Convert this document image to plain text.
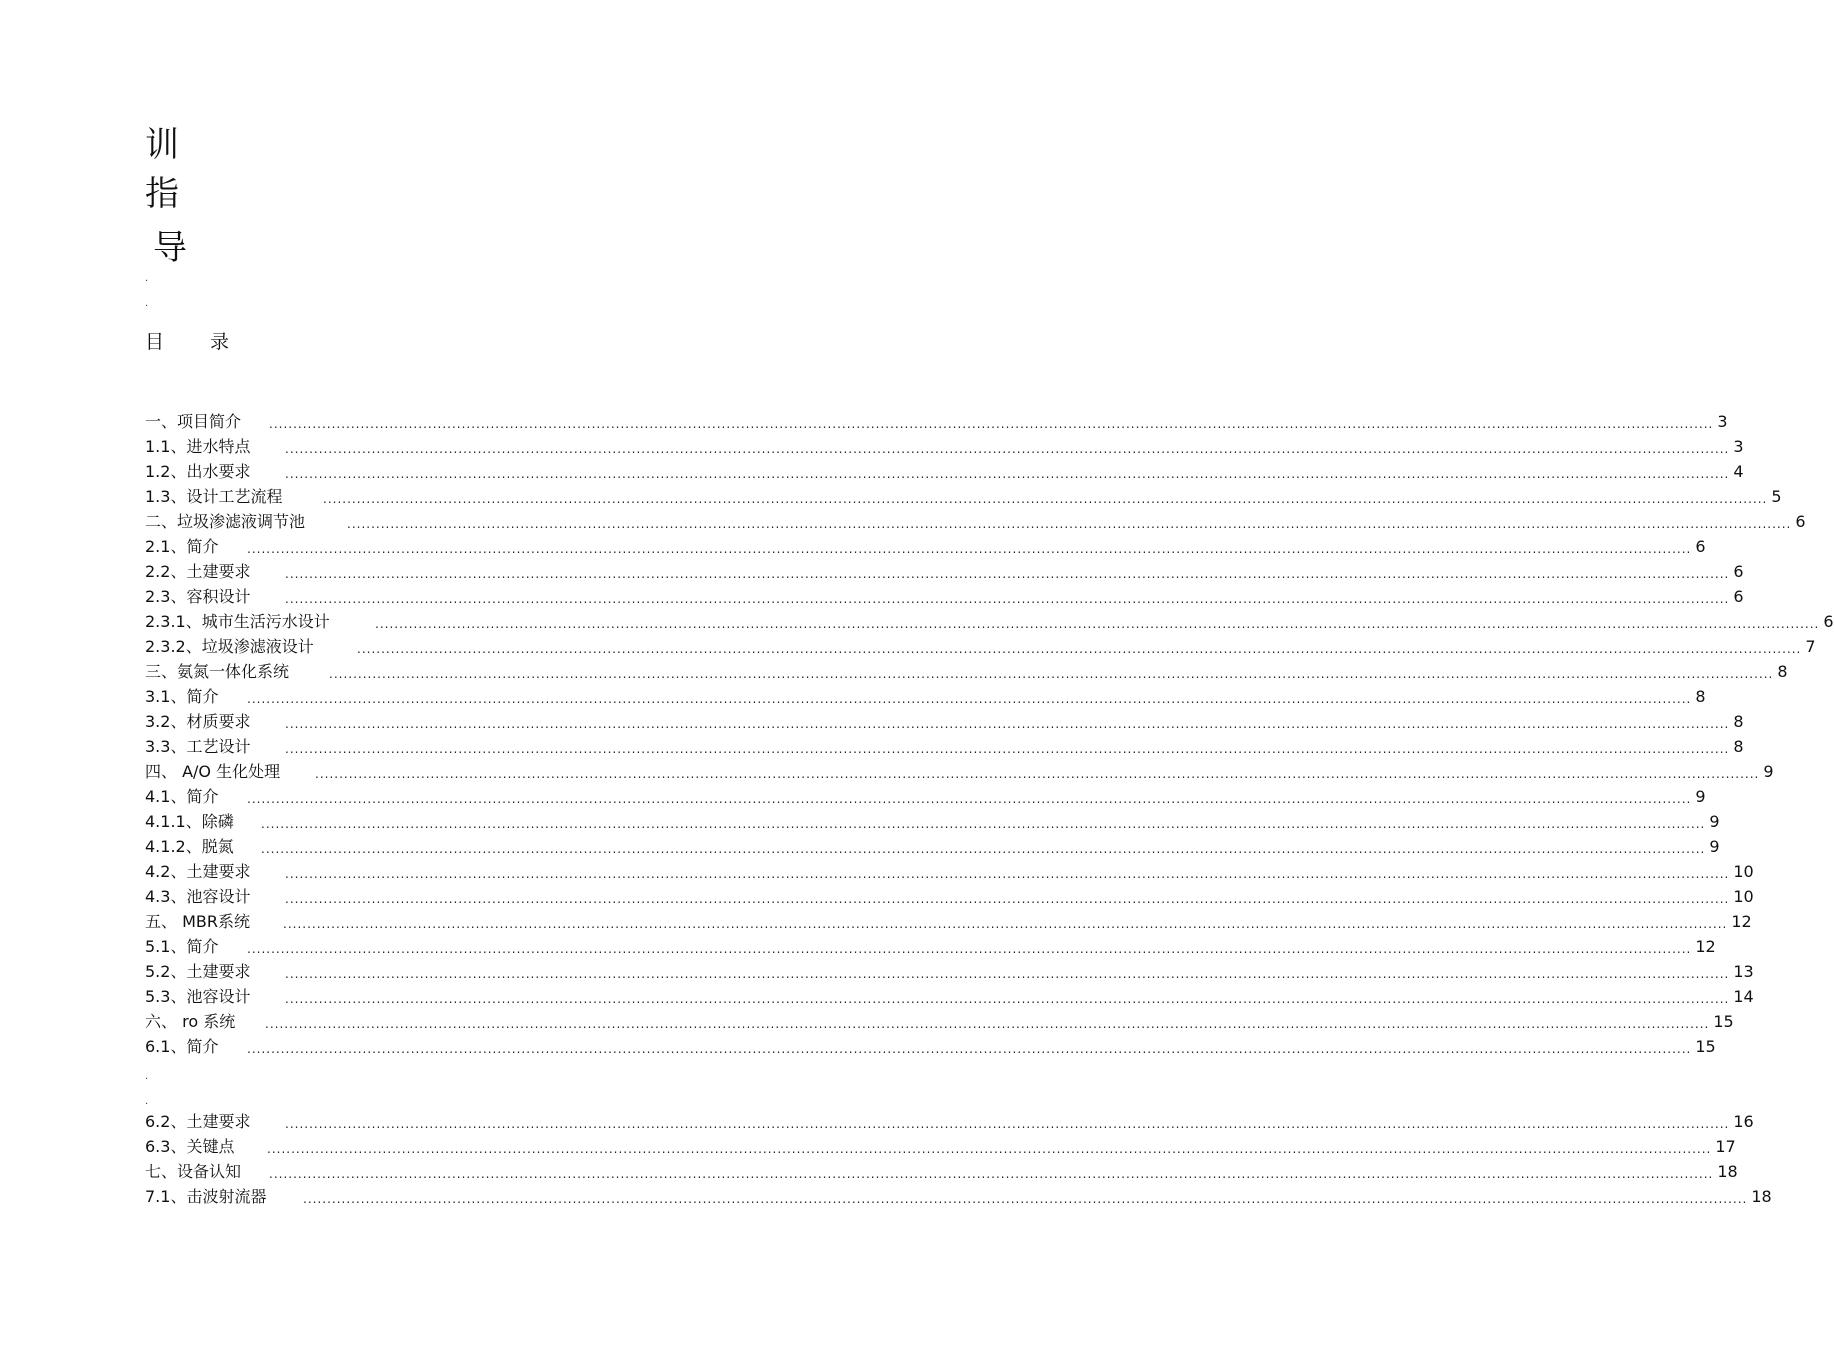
训
指
导
.
.
.
.
目 录
一、项目简介	............................................................................................................................................................................................................................................................................................................ 3
1.1、进水特点	............................................................................................................................................................................................................................................................................................................ 3
1.2、出水要求	............................................................................................................................................................................................................................................................................................................ 4
1.3、设计工艺流程	............................................................................................................................................................................................................................................................................................................ 5
二、垃圾渗滤液调节池	............................................................................................................................................................................................................................................................................................................ 6
2.1、简介	............................................................................................................................................................................................................................................................................................................ 6
2.2、土建要求	............................................................................................................................................................................................................................................................................................................ 6
2.3、容积设计	............................................................................................................................................................................................................................................................................................................ 6
2.3.1、城市生活污水设计	............................................................................................................................................................................................................................................................................................................ 6
2.3.2、垃圾渗滤液设计	............................................................................................................................................................................................................................................................................................................ 7
三、氨氮一体化系统	............................................................................................................................................................................................................................................................................................................ 8
3.1、简介	............................................................................................................................................................................................................................................................................................................ 8
3.2、材质要求	............................................................................................................................................................................................................................................................................................................ 8
3.3、工艺设计	............................................................................................................................................................................................................................................................................................................ 8
四、 A/O 生化处理	............................................................................................................................................................................................................................................................................................................ 9
4.1、简介	............................................................................................................................................................................................................................................................................................................ 9
4.1.1、除磷	............................................................................................................................................................................................................................................................................................................ 9
4.1.2、脱氮	............................................................................................................................................................................................................................................................................................................ 9
4.2、土建要求	............................................................................................................................................................................................................................................................................................................ 10
4.3、池容设计	............................................................................................................................................................................................................................................................................................................ 10
五、 MBR系统	............................................................................................................................................................................................................................................................................................................ 12
5.1、简介	............................................................................................................................................................................................................................................................................................................ 12
5.2、土建要求	............................................................................................................................................................................................................................................................................................................ 13
5.3、池容设计	............................................................................................................................................................................................................................................................................................................ 14
六、 ro 系统	............................................................................................................................................................................................................................................................................................................ 15
6.1、简介	............................................................................................................................................................................................................................................................................................................ 15
6.2、土建要求	............................................................................................................................................................................................................................................................................................................ 16
6.3、关键点	............................................................................................................................................................................................................................................................................................................ 17
七、设备认知	............................................................................................................................................................................................................................................................................................................ 18
7.1、击波射流器	............................................................................................................................................................................................................................................................................................................ 18
